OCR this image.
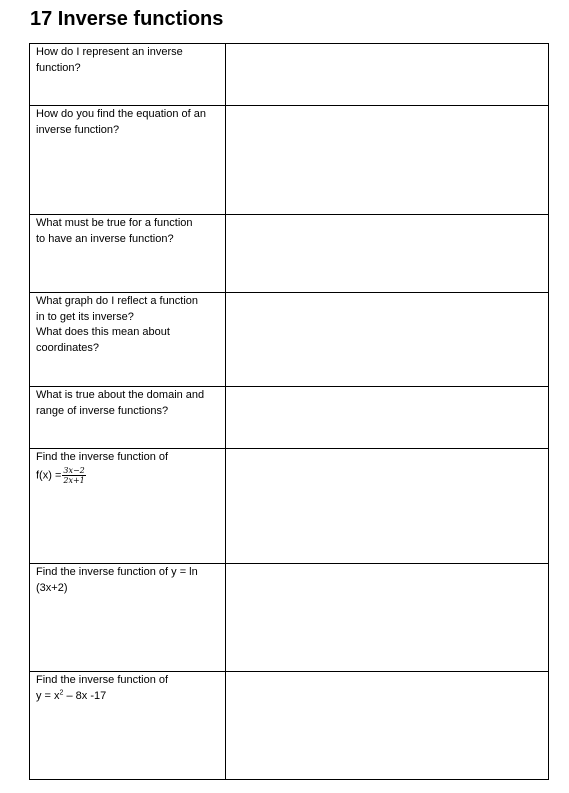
17 Inverse functions
How do I represent an inverse
function?	

How do you find the equation of an
inverse function?	

What must be true for a function
to have an inverse function?	

What graph do I reflect a function
in to get its inverse?
What does this mean about
coordinates?	

What is true about the domain and
range of inverse functions?	

Find the inverse function of
$f(x) = \frac{3x-2}{2x+1}$

Find the inverse function of y = ln
(3x+2)	

Find the inverse function of
$y = x^2 - 8x$ -17	
